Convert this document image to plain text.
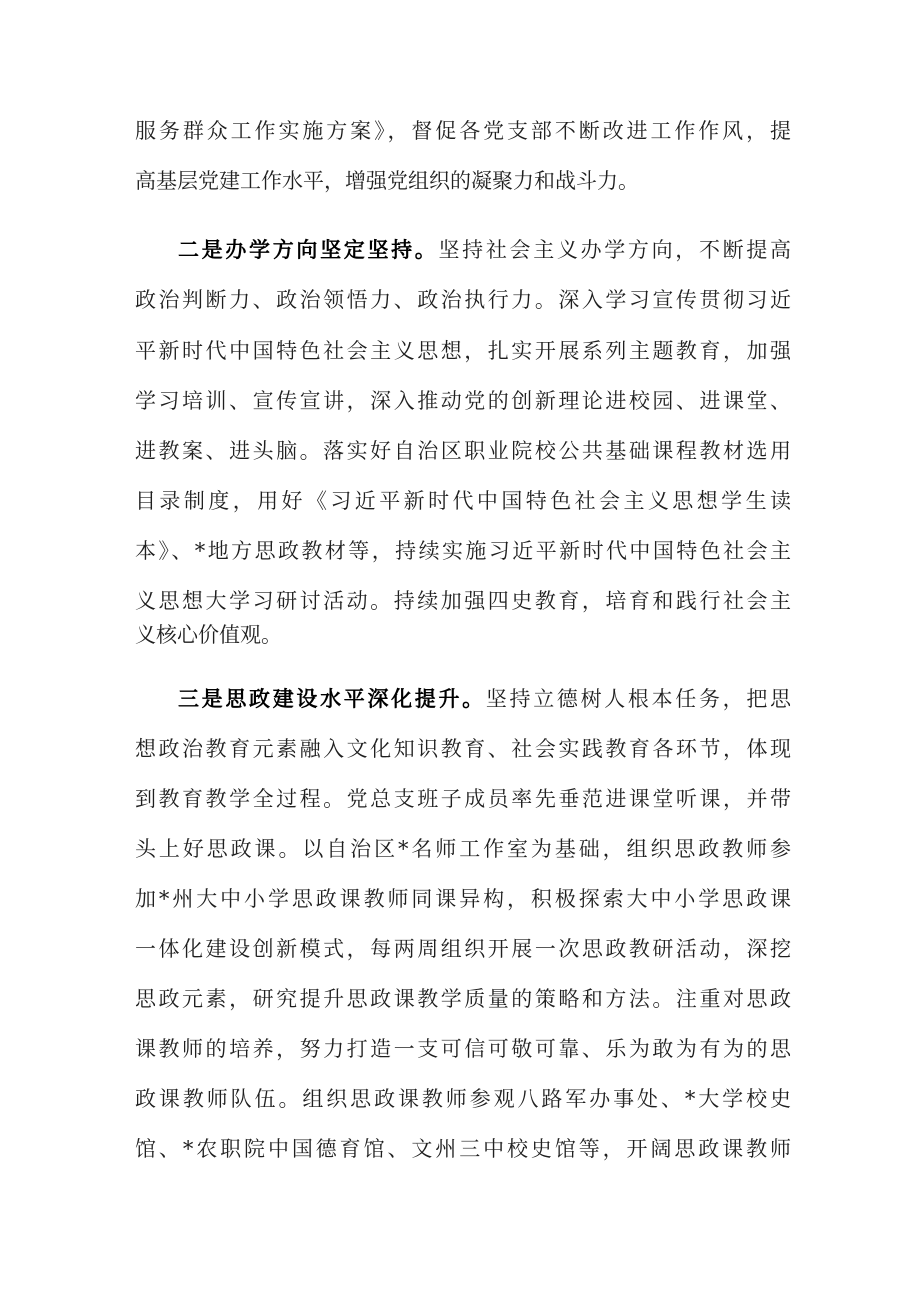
服务群众工作实施方案》，督促各党支部不断改进工作作风，提
高基层党建工作水平，增强党组织的凝聚力和战斗力。
二是办学方向坚定坚持。坚持社会主义办学方向，不断提高
政治判断力、政治领悟力、政治执行力。深入学习宣传贯彻习近
平新时代中国特色社会主义思想，扎实开展系列主题教育，加强
学习培训、宣传宣讲，深入推动党的创新理论进校园、进课堂、
进教案、进头脑。落实好自治区职业院校公共基础课程教材选用
目录制度，用好《习近平新时代中国特色社会主义思想学生读
本》、*地方思政教材等，持续实施习近平新时代中国特色社会主
义思想大学习研讨活动。持续加强四史教育，培育和践行社会主
义核心价值观。
三是思政建设水平深化提升。坚持立德树人根本任务，把思
想政治教育元素融入文化知识教育、社会实践教育各环节，体现
到教育教学全过程。党总支班子成员率先垂范进课堂听课，并带
头上好思政课。以自治区*名师工作室为基础，组织思政教师参
加*州大中小学思政课教师同课异构，积极探索大中小学思政课
一体化建设创新模式，每两周组织开展一次思政教研活动，深挖
思政元素，研究提升思政课教学质量的策略和方法。注重对思政
课教师的培养，努力打造一支可信可敬可靠、乐为敢为有为的思
政课教师队伍。组织思政课教师参观八路军办事处、*大学校史
馆、*农职院中国德育馆、文州三中校史馆等，开阔思政课教师
